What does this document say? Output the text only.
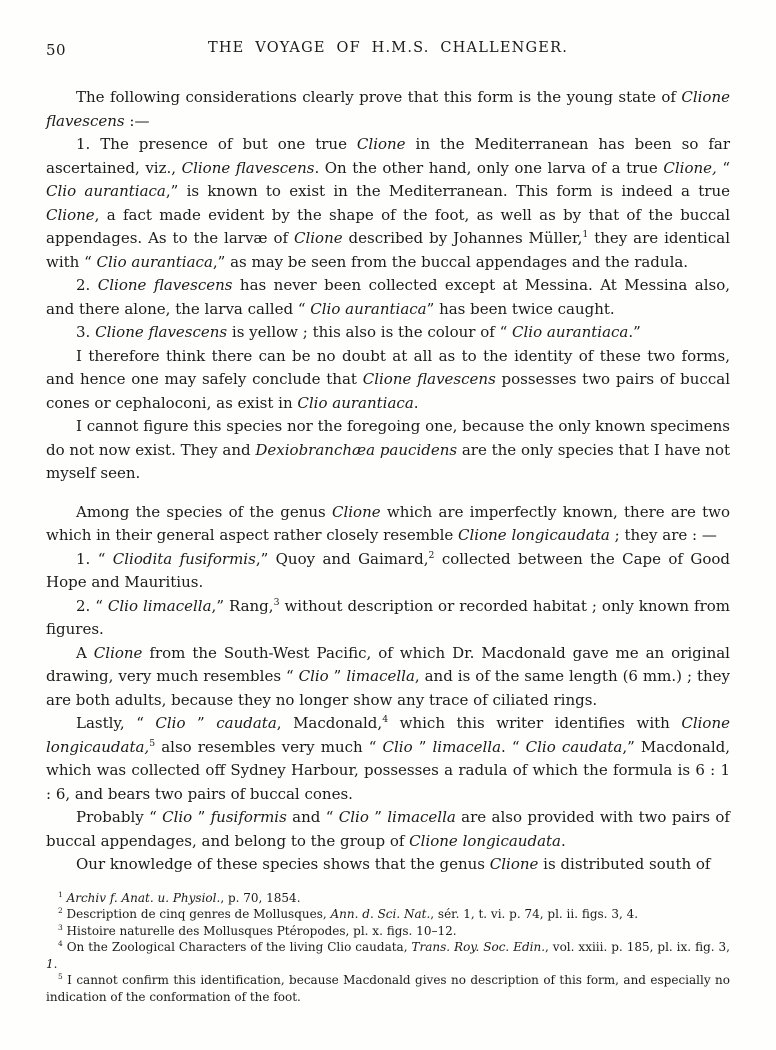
50	THE VOYAGE OF H.M.S. CHALLENGER.

The following considerations clearly prove that this form is the young state of Clione flavescens :—

1. The presence of but one true Clione in the Mediterranean has been so far ascertained, viz., Clione flavescens. On the other hand, only one larva of a true Clione, “ Clio aurantiaca,” is known to exist in the Mediterranean. This form is indeed a true Clione, a fact made evident by the shape of the foot, as well as by that of the buccal appendages. As to the larvæ of Clione described by Johannes Müller,$^1$ they are identical with “ Clio aurantiaca,” as may be seen from the buccal appendages and the radula.

2. Clione flavescens has never been collected except at Messina. At Messina also, and there alone, the larva called “ Clio aurantiaca” has been twice caught.

3. Clione flavescens is yellow ; this also is the colour of “ Clio aurantiaca.”

I therefore think there can be no doubt at all as to the identity of these two forms, and hence one may safely conclude that Clione flavescens possesses two pairs of buccal cones or cephaloconi, as exist in Clio aurantiaca.

I cannot figure this species nor the foregoing one, because the only known specimens do not now exist. They and Dexiobranchæa paucidens are the only species that I have not myself seen.

Among the species of the genus Clione which are imperfectly known, there are two which in their general aspect rather closely resemble Clione longicaudata ; they are : —

1. “ Cliodita fusiformis,” Quoy and Gaimard,$^2$ collected between the Cape of Good Hope and Mauritius.

2. “ Clio limacella,” Rang,$^3$ without description or recorded habitat ; only known from figures.

A Clione from the South-West Pacific, of which Dr. Macdonald gave me an original drawing, very much resembles “ Clio ” limacella, and is of the same length (6 mm.) ; they are both adults, because they no longer show any trace of ciliated rings.

Lastly, “ Clio ” caudata, Macdonald,$^4$ which this writer identifies with Clione longicaudata,$^5$ also resembles very much “ Clio ” limacella. “ Clio caudata,” Macdonald, which was collected off Sydney Harbour, possesses a radula of which the formula is 6 : 1 : 6, and bears two pairs of buccal cones.

Probably “ Clio ” fusiformis and “ Clio ” limacella are also provided with two pairs of buccal appendages, and belong to the group of Clione longicaudata.

Our knowledge of these species shows that the genus Clione is distributed south of

$^1$ Archiv f. Anat. u. Physiol., p. 70, 1854.

$^2$ Description de cinq genres de Mollusques, Ann. d. Sci. Nat., sér. 1, t. vi. p. 74, pl. ii. figs. 3, 4.

$^3$ Histoire naturelle des Mollusques Ptéropodes, pl. x. figs. 10–12.

$^4$ On the Zoological Characters of the living Clio caudata, Trans. Roy. Soc. Edin., vol. xxiii. p. 185, pl. ix. fig. 3, 1.

$^5$ I cannot confirm this identification, because Macdonald gives no description of this form, and especially no indication of the conformation of the foot.
